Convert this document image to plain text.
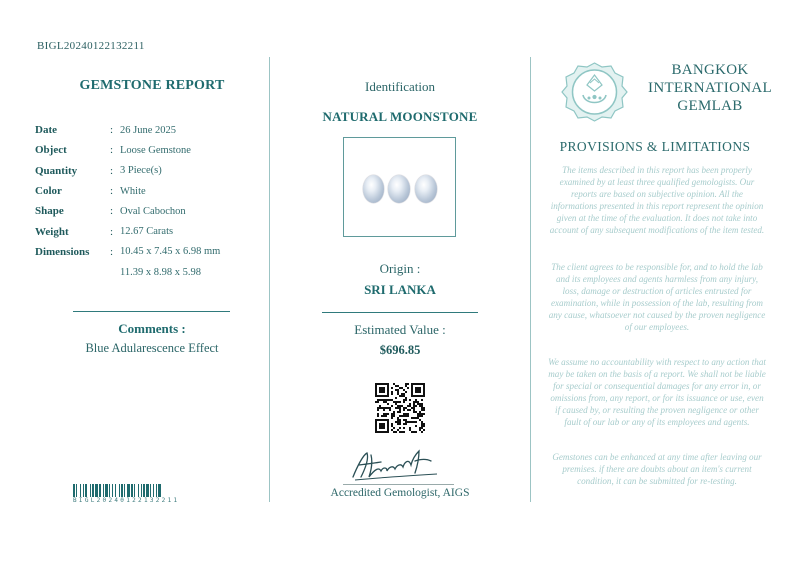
BIGL20240122132211
GEMSTONE REPORT
Date	: 26 June 2025
Object	: Loose Gemstone
Quantity	: 3 Piece(s)
Color	: White
Shape	: Oval Cabochon
Weight	: 12.67 Carats
Dimensions	: 10.45 x 7.45 x 6.98 mm
11.39 x 8.98 x 5.98
Comments :
Blue Adularescence Effect
BIGL20240122132211
Identification
NATURAL MOONSTONE
Origin :
SRI LANKA
Estimated Value :
$696.85
Accredited Gemologist, AIGS
BANGKOK
INTERNATIONAL
GEMLAB
PROVISIONS & LIMITATIONS
The items described in this report has been properly examined by at least three qualified gemologists. Our reports are based on subjective opinion. All the informations presented in this report represent the opinion given at the time of the evaluation. It does not take into account of any subsequent modifications of the item tested.
The client agrees to be responsible for, and to hold the lab and its employees and agents harmless from any injury, loss, damage or destruction of articles entrusted for examination, while in possession of the lab, resulting from any cause, whatsoever not caused by the proven negligence of our employees.
We assume no accountability with respect to any action that may be taken on the basis of a report. We shall not be liable for special or consequential damages for any error in, or omissions from, any report, or for its issuance or use, even if caused by, or resulting the proven negligence or other fault of our lab or any of its employees and agents.
Gemstones can be enhanced at any time after leaving our premises. if there are doubts about an item's current condition, it can be submitted for re-testing.
